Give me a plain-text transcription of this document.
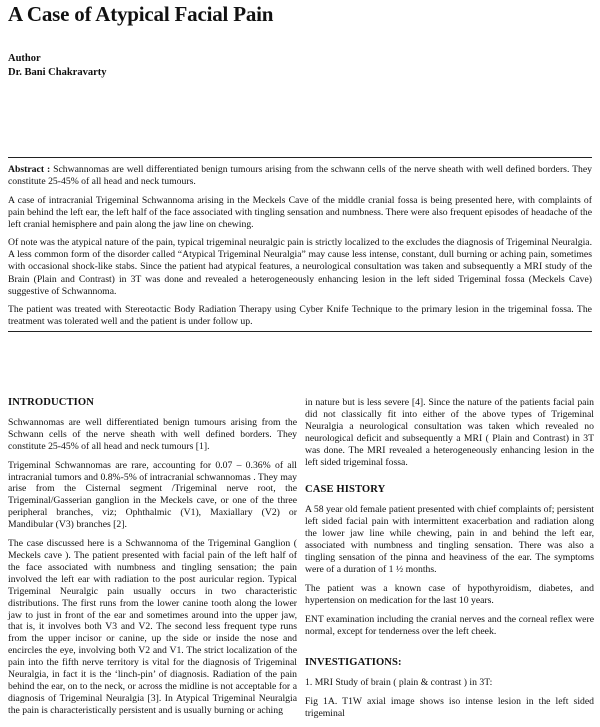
A Case of Atypical Facial Pain
Author
Dr. Bani Chakravarty

Abstract : Schwannomas are well differentiated benign tumours arising from the schwann cells of the nerve sheath with well defined borders. They constitute 25-45% of all head and neck tumours.

A case of intracranial Trigeminal Schwannoma arising in the Meckels Cave of the middle cranial fossa is being presented here, with complaints of pain behind the left ear, the left half of the face associated with tingling sensation and numbness. There were also frequent episodes of headache of the left cranial hemisphere and pain along the jaw line on chewing.

Of note was the atypical nature of the pain, typical trigeminal neuralgic pain is strictly localized to the excludes the diagnosis of Trigeminal Neuralgia. A less common form of the disorder called “Atypical Trigeminal Neuralgia” may cause less intense, constant, dull burning or aching pain, sometimes with occasional shock-like stabs. Since the patient had atypical features, a neurological consultation was taken and subsequently a MRI study of the Brain (Plain and Contrast) in 3T was done and revealed a heterogeneously enhancing lesion in the left sided Trigeminal fossa (Meckels Cave) suggestive of Schwannoma.

The patient was treated with Stereotactic Body Radiation Therapy using Cyber Knife Technique to the primary lesion in the trigeminal fossa. The treatment was tolerated well and the patient is under follow up.

INTRODUCTION

Schwannomas are well differentiated benign tumours arising from the Schwann cells of the nerve sheath with well defined borders. They constitute 25-45% of all head and neck tumours [1].

Trigeminal Schwannomas are rare, accounting for 0.07 – 0.36% of all intracranial tumors and 0.8%-5% of intracranial schwannomas . They may arise from the Cisternal segment /Trigeminal nerve root, the Trigeminal/Gasserian ganglion in the Meckels cave, or one of the three peripheral branches, viz; Ophthalmic (V1), Maxiallary (V2) or Mandibular (V3) branches [2].

The case discussed here is a Schwannoma of the Trigeminal Ganglion ( Meckels cave ). The patient presented with facial pain of the left half of the face associated with numbness and tingling sensation; the pain involved the left ear with radiation to the post auricular region. Typical Trigeminal Neuralgic pain usually occurs in two characteristic distributions. The first runs from the lower canine tooth along the lower jaw to just in front of the ear and sometimes around into the upper jaw, that is, it involves both V3 and V2. The second less frequent type runs from the upper incisor or canine, up the side or inside the nose and encircles the eye, involving both V2 and V1. The strict localization of the pain into the fifth nerve territory is vital for the diagnosis of Trigeminal Neuralgia, in fact it is the ‘linch-pin’ of diagnosis. Radiation of the pain behind the ear, on to the neck, or across the midline is not acceptable for a diagnosis of Trigeminal Neuralgia [3]. In Atypical Trigeminal Neuralgia the pain is characteristically persistent and is usually burning or aching

in nature but is less severe [4]. Since the nature of the patients facial pain did not classically fit into either of the above types of Trigeminal Neuralgia a neurological consultation was taken which revealed no neurological deficit and subsequently a MRI ( Plain and Contrast) in 3T was done. The MRI revealed a heterogeneously enhancing lesion in the left sided trigeminal fossa.

CASE HISTORY

A 58 year old female patient presented with chief complaints of; persistent left sided facial pain with intermittent exacerbation and radiation along the lower jaw line while chewing, pain in and behind the left ear, associated with numbness and tingling sensation. There was also a tingling sensation of the pinna and heaviness of the ear. The symptoms were of a duration of 1 ½ months.

The patient was a known case of hypothyroidism, diabetes, and hypertension on medication for the last 10 years.

ENT examination including the cranial nerves and the corneal reflex were normal, except for tenderness over the left cheek.

INVESTIGATIONS:

1. MRI Study of brain ( plain & contrast ) in 3T:

Fig 1A. T1W axial image shows iso intense lesion in the left sided trigeminal
